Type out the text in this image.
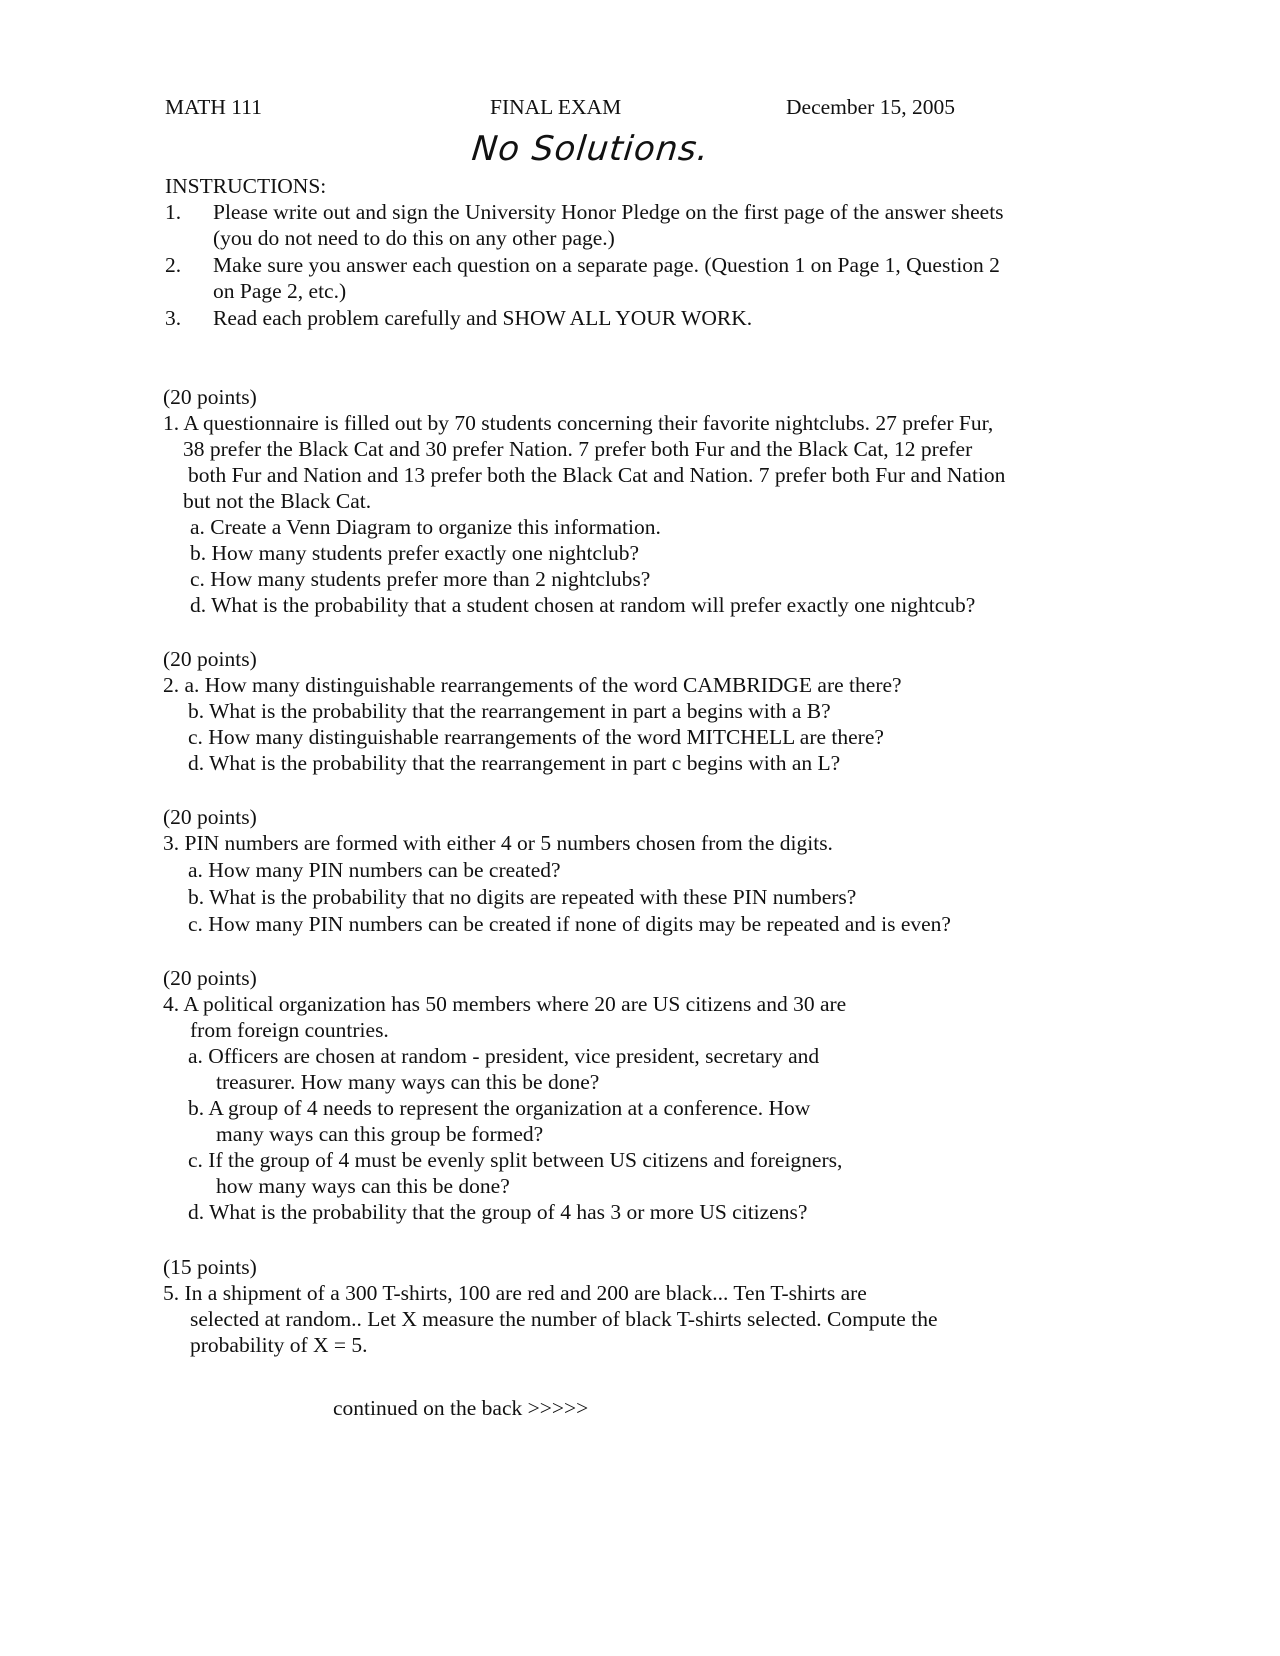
MATH 111	FINAL EXAM	December 15, 2005
No Solutions.
INSTRUCTIONS:
1. Please write out and sign the University Honor Pledge on the first page of the answer sheets
(you do not need to do this on any other page.)
2. Make sure you answer each question on a separate page. (Question 1 on Page 1, Question 2
on Page 2, etc.)
3. Read each problem carefully and SHOW ALL YOUR WORK.
(20 points)
1. A questionnaire is filled out by 70 students concerning their favorite nightclubs. 27 prefer Fur,
38 prefer the Black Cat and 30 prefer Nation. 7 prefer both Fur and the Black Cat, 12 prefer
both Fur and Nation and 13 prefer both the Black Cat and Nation. 7 prefer both Fur and Nation
but not the Black Cat.
a. Create a Venn Diagram to organize this information.
b. How many students prefer exactly one nightclub?
c. How many students prefer more than 2 nightclubs?
d. What is the probability that a student chosen at random will prefer exactly one nightcub?
(20 points)
2. a. How many distinguishable rearrangements of the word CAMBRIDGE are there?
b. What is the probability that the rearrangement in part a begins with a B?
c. How many distinguishable rearrangements of the word MITCHELL are there?
d. What is the probability that the rearrangement in part c begins with an L?
(20 points)
3. PIN numbers are formed with either 4 or 5 numbers chosen from the digits.
a. How many PIN numbers can be created?
b. What is the probability that no digits are repeated with these PIN numbers?
c. How many PIN numbers can be created if none of digits may be repeated and is even?
(20 points)
4. A political organization has 50 members where 20 are US citizens and 30 are
from foreign countries.
a. Officers are chosen at random - president, vice president, secretary and
treasurer. How many ways can this be done?
b. A group of 4 needs to represent the organization at a conference. How
many ways can this group be formed?
c. If the group of 4 must be evenly split between US citizens and foreigners,
how many ways can this be done?
d. What is the probability that the group of 4 has 3 or more US citizens?
(15 points)
5. In a shipment of a 300 T-shirts, 100 are red and 200 are black... Ten T-shirts are
selected at random.. Let X measure the number of black T-shirts selected. Compute the
probability of X = 5.
continued on the back >>>>>
